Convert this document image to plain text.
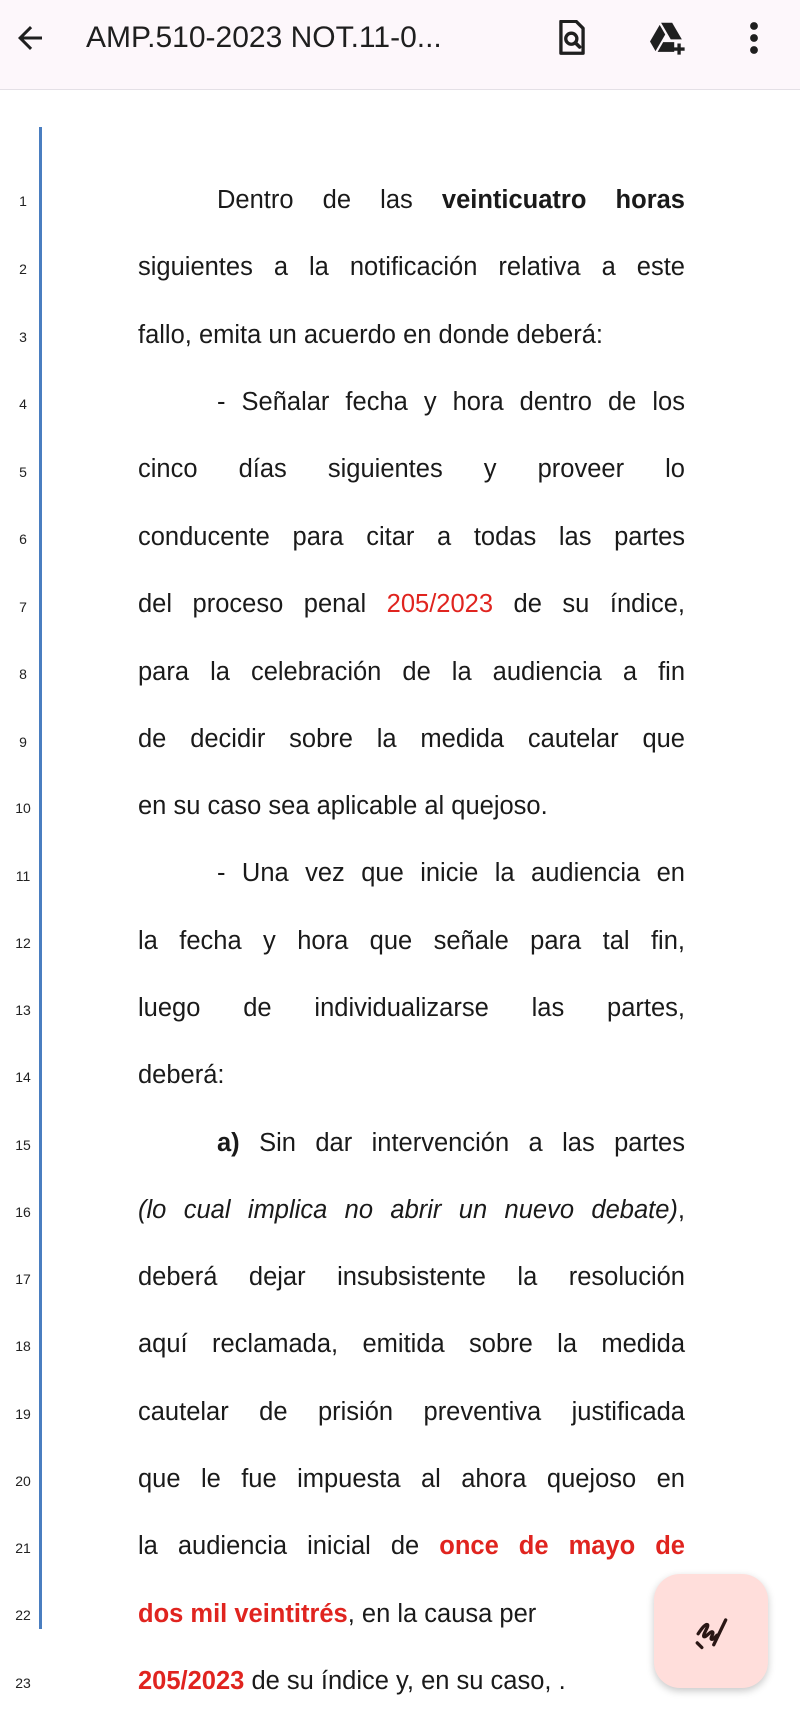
AMP.510-2023 NOT.11-0...
1
2
3
4
5
6
7
8
9
10
11
12
13
14
15
16
17
18
19
20
21
22
23
Dentro de las veinticuatro horas
siguientes a la notificación relativa a este
fallo, emita un acuerdo en donde deberá:
- Señalar fecha y hora dentro de los
cinco días siguientes y proveer lo
conducente para citar a todas las partes
del proceso penal 205/2023 de su índice,
para la celebración de la audiencia a fin
de decidir sobre la medida cautelar que
en su caso sea aplicable al quejoso.
- Una vez que inicie la audiencia en
la fecha y hora que señale para tal fin,
luego de individualizarse las partes,
deberá:
a) Sin dar intervención a las partes
(lo cual implica no abrir un nuevo debate),
deberá dejar insubsistente la resolución
aquí reclamada, emitida sobre la medida
cautelar de prisión preventiva justificada
que le fue impuesta al ahora quejoso en
la audiencia inicial de once de mayo de
dos mil veintitrés, en la causa per
205/2023 de su índice y, en su caso, .
